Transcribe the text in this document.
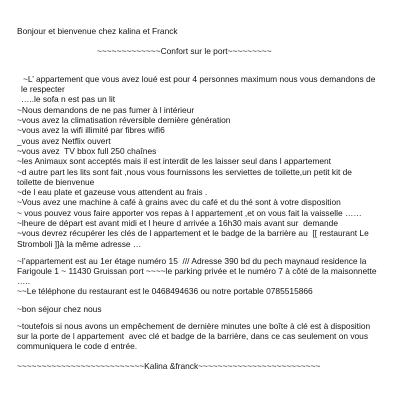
Bonjour et bienvenue chez kalina et Franck
~~~~~~~~~~~~~Confort sur le port~~~~~~~~~
~L’ appartement que vous avez loué est pour 4 personnes maximum nous vous demandons de
le respecter
…..le sofa n est pas un lit
~Nous demandons de ne pas fumer à l intérieur
~vous avez la climatisation réversible dernière génération
~vous avez la wifi illimité par fibres wifi6
_vous avez Netflix ouvert
~vous avez  TV bbox full 250 chaînes
~les Animaux sont acceptés mais il est interdit de les laisser seul dans l appartement
~d autre part les lits sont fait ,nous vous fournissons les serviettes de toilette,un petit kit de
toilette de bienvenue
~de l eau plate et gazeuse vous attendent au frais .
~Vous avez une machine à café à grains avec du café et du thé sont à votre disposition
~ vous pouvez vous faire apporter vos repas à l appartement ,et on vous fait la vaisselle ……
~lheure de départ est avant midi et l heure d arrivée a 16h30 mais avant sur  demande
~vous devrez récupérer les clés de l appartement et le badge de la barrière au  [[ restaurant Le
Stromboli ]]à la même adresse …
~l’appartement est au 1er étage numéro 15  /// Adresse 390 bd du pech maynaud residence la
Farigoule 1 ~ 11430 Gruissan port ~~~~le parking privée et le numéro 7 à côté de la maisonnette
…..
~~Le téléphone du restaurant est le 0468494636 ou notre portable 0785515866
~bon séjour chez nous
~toutefois si nous avons un empêchement de dernière minutes une boîte à clé est à disposition
sur la porte de l appartement  avec clé et badge de la barrière, dans ce cas seulement on vous
communiquera le code d entrée.
~~~~~~~~~~~~~~~~~~~~~~~~~~Kalina &franck~~~~~~~~~~~~~~~~~~~~~~~~~
